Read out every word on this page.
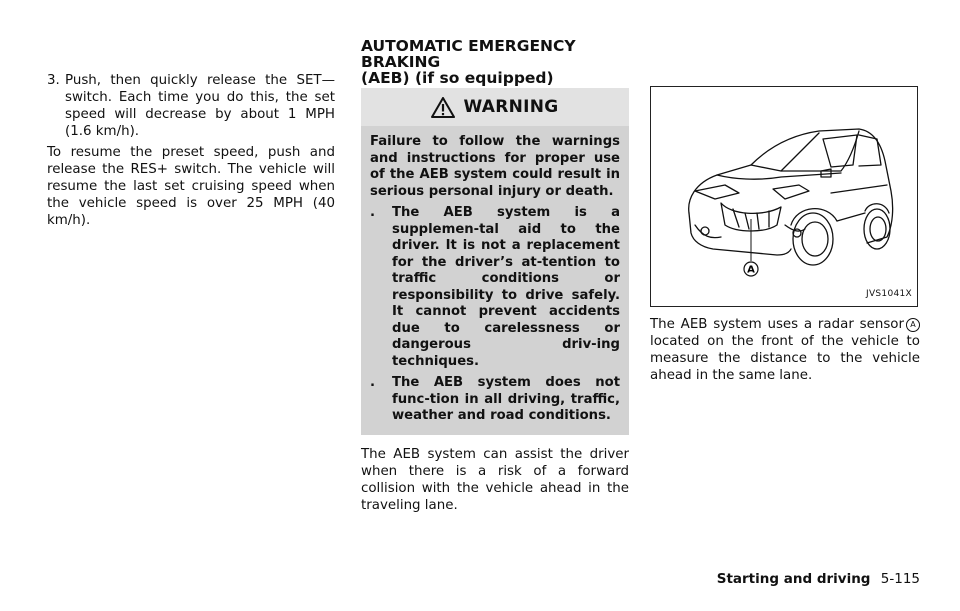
3. Push, then quickly release the SET— switch. Each time you do this, the set speed will decrease by about 1 MPH (1.6 km/h).

To resume the preset speed, push and release the RES+ switch. The vehicle will resume the last set cruising speed when the vehicle speed is over 25 MPH (40 km/h).

AUTOMATIC EMERGENCY BRAKING
(AEB) (if so equipped)
WARNING

Failure to follow the warnings and instructions for proper use of the AEB system could result in serious personal injury or death.

.	The AEB system is a supplemen-tal aid to the driver. It is not a replacement for the driver’s at-tention to traffic conditions or responsibility to drive safely. It cannot prevent accidents due to carelessness or dangerous driv-ing techniques.
.	The AEB system does not func-tion in all driving, traffic, weather and road conditions.

The AEB system can assist the driver when there is a risk of a forward collision with the vehicle ahead in the traveling lane.

A
JVS1041X

The AEB system uses a radar sensor A located on the front of the vehicle to measure the distance to the vehicle ahead in the same lane.

Starting and driving 5-115
